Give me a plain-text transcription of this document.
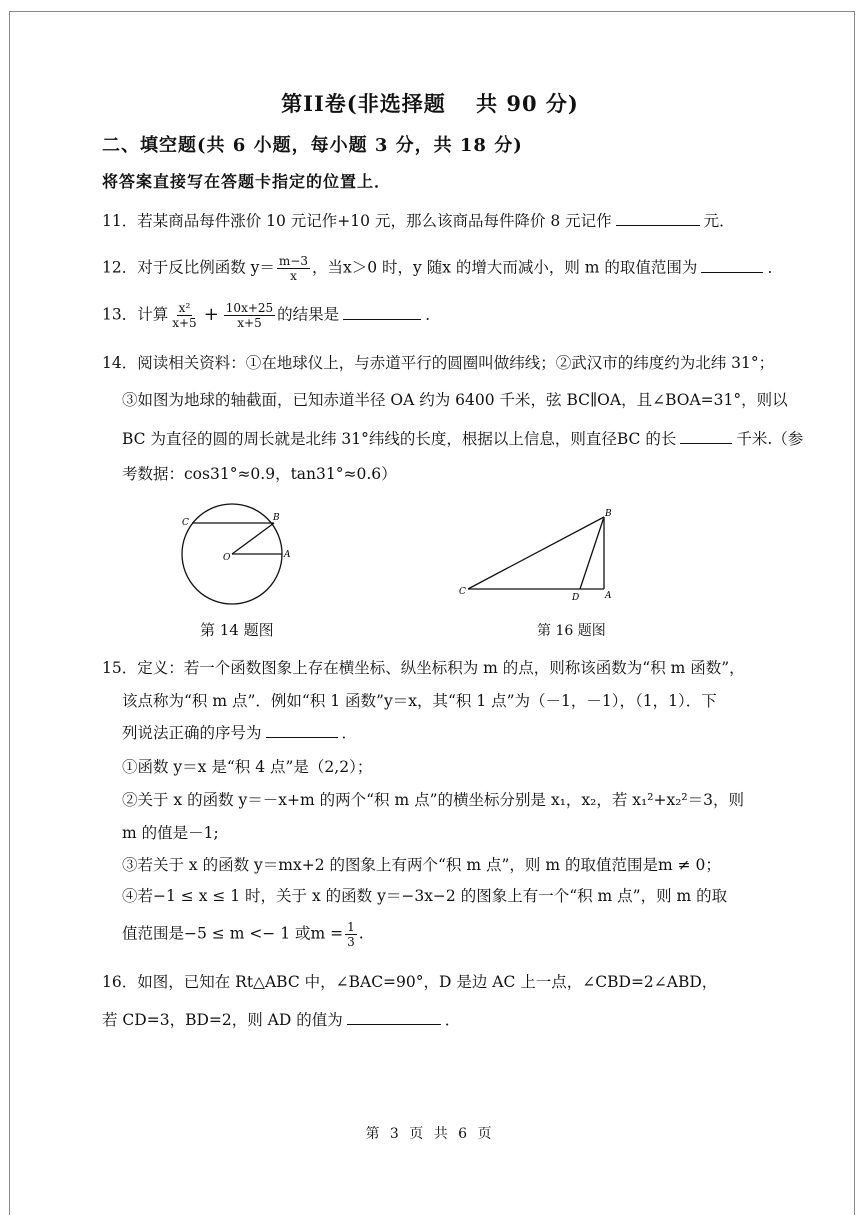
第II卷(非选择题　 共 90 分)
二、填空题(共 6 小题，每小题 3 分，共 18 分)
将答案直接写在答题卡指定的位置上．
11．若某商品每件涨价 10 元记作+10 元，那么该商品每件降价 8 元记作	元．
12．对于反比例函数 $y= \frac{m-3}{x}$ ，当x＞0 时，y 随x 的增大而减小，则 m 的取值范围为	．
13．计算 $\frac{\text{x²}}{x+5} + \frac{10x+25}{x+5}$ 的结果是	．
14．阅读相关资料：①在地球仪上，与赤道平行的圆圈叫做纬线；②武汉市的纬度约为北纬 31°；
③如图为地球的轴截面，已知赤道半径 OA 约为 6400 千米，弦 BC∥OA，且∠BOA=31°，则以
BC 为直径的圆的周长就是北纬 31°纬线的长度，根据以上信息，则直径BC 的长	千米.（参
考数据：cos31°≈0.9，tan31°≈0.6）
C	B
O	A
第 14 题图
B
C
D	A
第 16 题图
15．定义：若一个函数图象上存在横坐标、纵坐标积为 m 的点，则称该函数为“积 m 函数”，
该点称为“积 m 点”．例如“积 1 函数”y＝x，其“积 1 点”为（－1，－1），（1，1）．下
列说法正确的序号为	．
①函数 y＝x 是“积 4 点”是（2,2）；
②关于 x 的函数 y＝－x+m 的两个“积 m 点”的横坐标分别是 x₁，x₂，若 x₁²+x₂²＝3，则
m 的值是－1;
③若关于 x 的函数 y＝mx+2 的图象上有两个“积 m 点”，则 m 的取值范围是m ≠ 0；
④若−1 ≤ x ≤ 1 时，关于 x 的函数 y＝−3x−2 的图象上有一个“积 m 点”，则 m 的取
值范围是−5 ≤ m <− 1 或$m = \frac{1}{3}$ .
16．如图，已知在 Rt△ABC 中，∠BAC=90°，D 是边 AC 上一点，∠CBD=2∠ABD，
若 CD=3，BD=2，则 AD 的值为	．
第 3 页 共 6 页
